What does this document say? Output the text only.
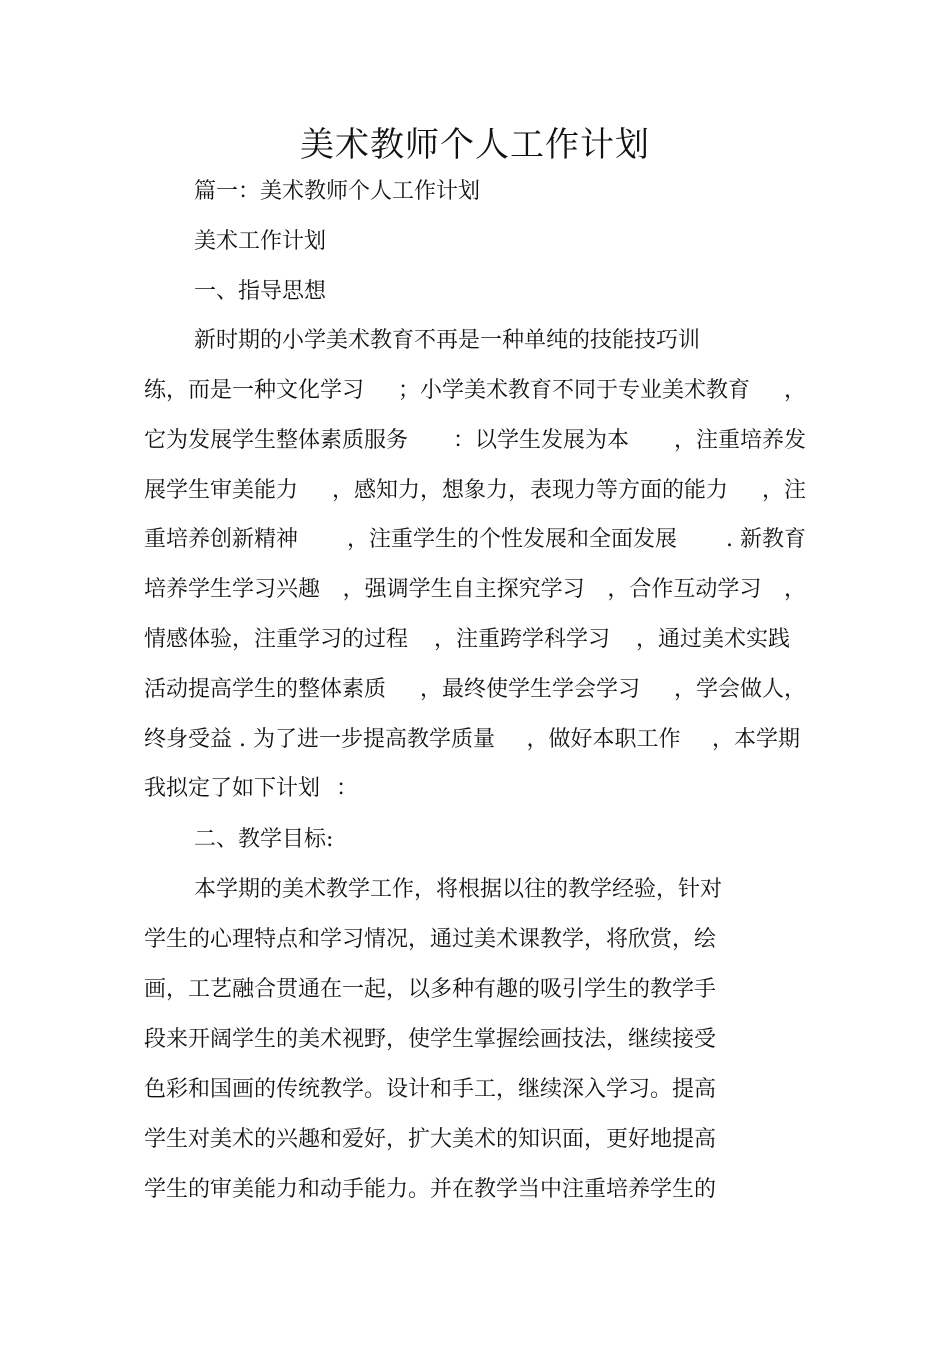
美术教师个人工作计划
篇一：美术教师个人工作计划
美术工作计划
一、指导思想
新时期的小学美术教育不再是一种单纯的技能技巧训
练，而是一种文化学习 ；小学美术教育不同于专业美术教育 ，
它为发展学生整体素质服务 ：以学生发展为本 ，注重培养发
展学生审美能力 ，感知力，想象力，表现力等方面的能力 ，注
重培养创新精神 ，注重学生的个性发展和全面发展 . 新教育
培养学生学习兴趣 ，强调学生自主探究学习 ，合作互动学习 ，
情感体验，注重学习的过程 ，注重跨学科学习 ，通过美术实践
活动提高学生的整体素质 ，最终使学生学会学习 ，学会做人，
终身受益 . 为了进一步提高教学质量 ，做好本职工作 ，本学期
我拟定了如下计划 ：
二、教学目标:
本学期的美术教学工作，将根据以往的教学经验，针对
学生的心理特点和学习情况，通过美术课教学，将欣赏，绘
画，工艺融合贯通在一起，以多种有趣的吸引学生的教学手
段来开阔学生的美术视野，使学生掌握绘画技法，继续接受
色彩和国画的传统教学。设计和手工，继续深入学习。提高
学生对美术的兴趣和爱好，扩大美术的知识面，更好地提高
学生的审美能力和动手能力。并在教学当中注重培养学生的
